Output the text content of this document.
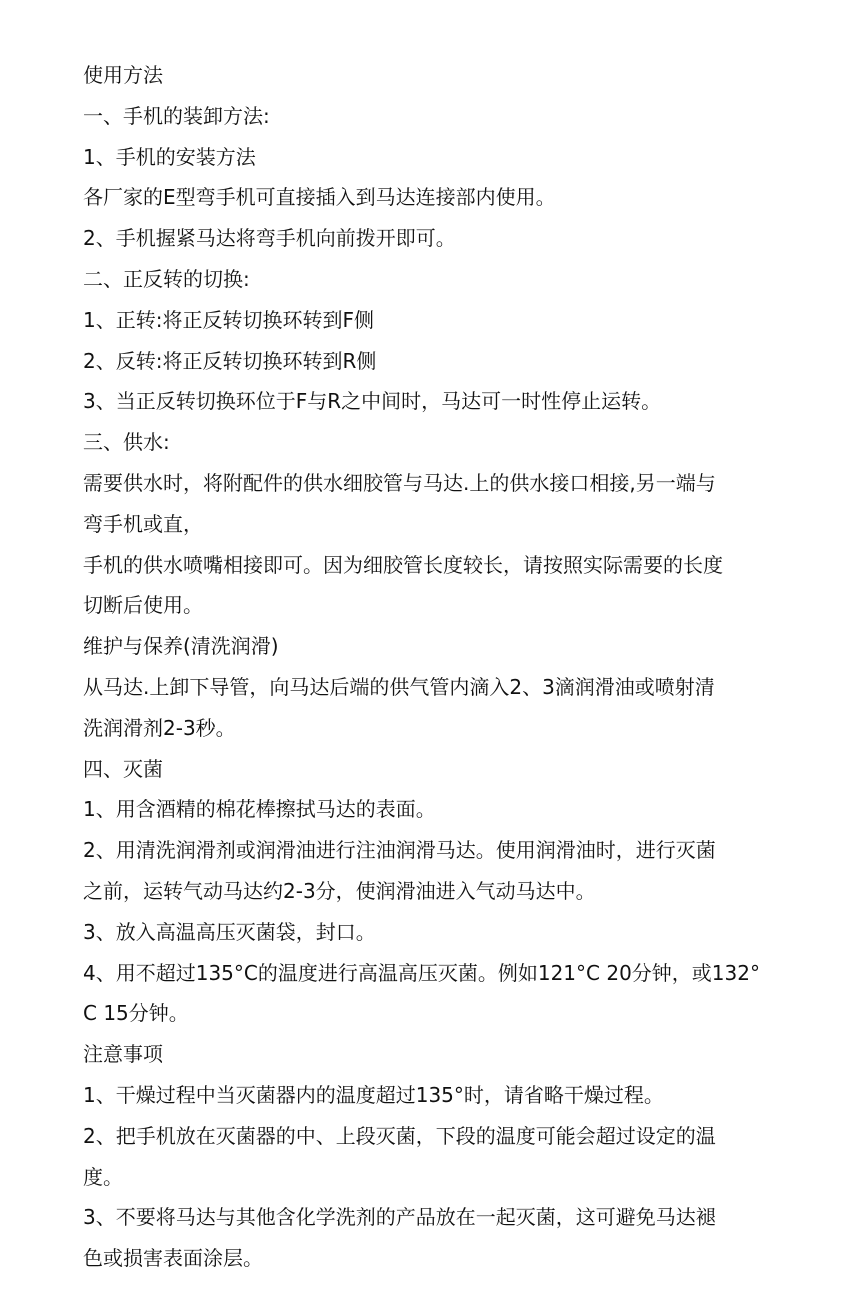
使用方法

一、手机的装卸方法:

1、手机的安装方法

各厂家的E型弯手机可直接插入到马达连接部内使用。

2、手机握紧马达将弯手机向前拨开即可。

二、正反转的切换:

1、正转:将正反转切换环转到F侧

2、反转:将正反转切换环转到R侧

3、当正反转切换环位于F与R之中间时，马达可一时性停止运转。

三、供水:

需要供水时，将附配件的供水细胶管与马达.上的供水接口相接,另一端与

弯手机或直，

手机的供水喷嘴相接即可。因为细胶管长度较长，请按照实际需要的长度

切断后使用。

维护与保养(清洗润滑)

从马达.上卸下导管，向马达后端的供气管内滴入2、3滴润滑油或喷射清

洗润滑剂2-3秒。

四、灭菌

1、用含酒精的棉花棒擦拭马达的表面。

2、用清洗润滑剂或润滑油进行注油润滑马达。使用润滑油时，进行灭菌

之前，运转气动马达约2-3分，使润滑油进入气动马达中。

3、放入高温高压灭菌袋，封口。

4、用不超过135°C的温度进行高温高压灭菌。例如121°C 20分钟，或132°

C 15分钟。

注意事项

1、干燥过程中当灭菌器内的温度超过135°时，请省略干燥过程。

2、把手机放在灭菌器的中、上段灭菌，下段的温度可能会超过设定的温

度。

3、不要将马达与其他含化学洗剂的产品放在一起灭菌，这可避免马达褪

色或损害表面涂层。
